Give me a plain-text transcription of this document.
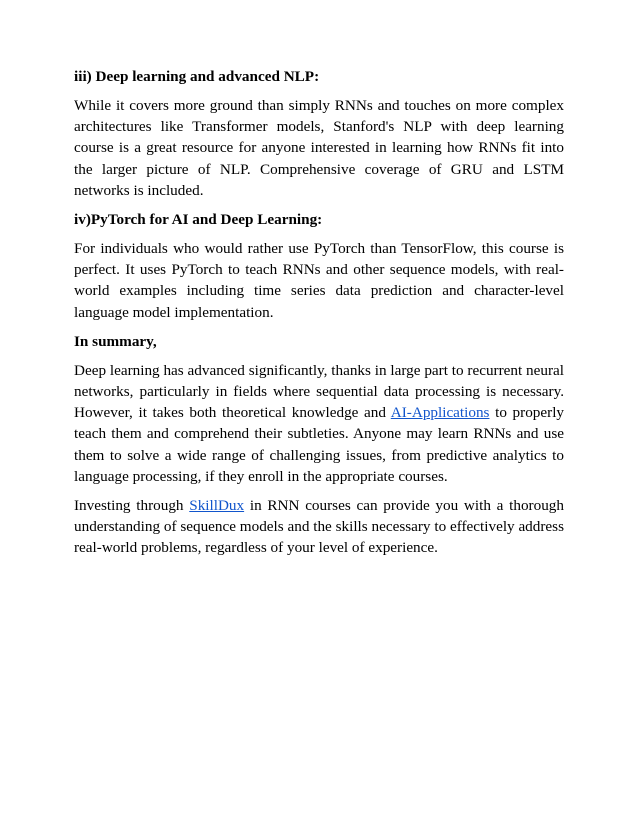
iii) Deep learning and advanced NLP:
While it covers more ground than simply RNNs and touches on more complex architectures like Transformer models, Stanford's NLP with deep learning course is a great resource for anyone interested in learning how RNNs fit into the larger picture of NLP. Comprehensive coverage of GRU and LSTM networks is included.
iv)PyTorch for AI and Deep Learning:
For individuals who would rather use PyTorch than TensorFlow, this course is perfect. It uses PyTorch to teach RNNs and other sequence models, with real-world examples including time series data prediction and character-level language model implementation.
In summary,
Deep learning has advanced significantly, thanks in large part to recurrent neural networks, particularly in fields where sequential data processing is necessary. However, it takes both theoretical knowledge and AI-Applications to properly teach them and comprehend their subtleties. Anyone may learn RNNs and use them to solve a wide range of challenging issues, from predictive analytics to language processing, if they enroll in the appropriate courses.
Investing through SkillDux in RNN courses can provide you with a thorough understanding of sequence models and the skills necessary to effectively address real-world problems, regardless of your level of experience.
